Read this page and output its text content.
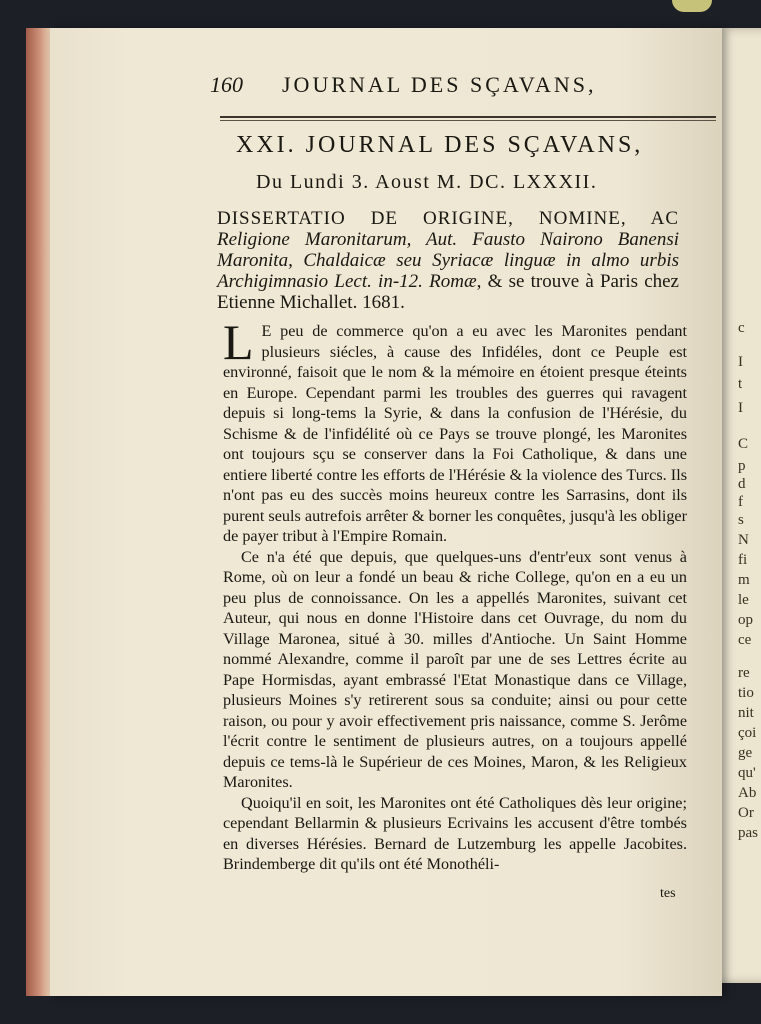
c
I
t
I
C
p
d
f
s
N
fi
m
le
op
ce
re
tio
nit
çoi
ge
qu'
Ab
Or
pas
160 JOURNAL DES SÇAVANS,
XXI. JOURNAL DES SÇAVANS,
Du Lundi 3. Aoust M. DC. LXXXII.
DISSERTATIO DE ORIGINE, NOMINE, AC Religione Maronitarum, Aut. Fausto Nairono Banensi Maronita, Chaldaicæ seu Syriacæ linguæ in almo urbis Archigimnasio Lect. in-12. Romæ, & se trouve à Paris chez Etienne Michallet. 1681.

L E peu de commerce qu'on a eu avec les Maronites pendant plusieurs siécles, à cause des Infidéles, dont ce Peuple est environné, faisoit que le nom & la mémoire en étoient presque éteints en Europe. Cependant parmi les troubles des guerres qui ravagent depuis si long-tems la Syrie, & dans la confusion de l'Hérésie, du Schisme & de l'infidélité où ce Pays se trouve plongé, les Maronites ont toujours sçu se conserver dans la Foi Catholique, & dans une entiere liberté contre les efforts de l'Hérésie & la violence des Turcs. Ils n'ont pas eu des succès moins heureux contre les Sarrasins, dont ils purent seuls autrefois arrêter & borner les conquêtes, jusqu'à les obliger de payer tribut à l'Empire Romain.

Ce n'a été que depuis, que quelques-uns d'entr'eux sont venus à Rome, où on leur a fondé un beau & riche College, qu'on en a eu un peu plus de connoissance. On les a appellés Maronites, suivant cet Auteur, qui nous en donne l'Histoire dans cet Ouvrage, du nom du Village Maronea, situé à 30. milles d'Antioche. Un Saint Homme nommé Alexandre, comme il paroît par une de ses Lettres écrite au Pape Hormisdas, ayant embrassé l'Etat Monastique dans ce Village, plusieurs Moines s'y retirerent sous sa conduite; ainsi ou pour cette raison, ou pour y avoir effectivement pris naissance, comme S. Jerôme l'écrit contre le sentiment de plusieurs autres, on a toujours appellé depuis ce tems-là le Supérieur de ces Moines, Maron, & les Religieux Maronites.

Quoiqu'il en soit, les Maronites ont été Catholiques dès leur origine; cependant Bellarmin & plusieurs Ecrivains les accusent d'être tombés en diverses Hérésies. Bernard de Lutzemburg les appelle Jacobites. Brindemberge dit qu'ils ont été Monothéli-

tes
